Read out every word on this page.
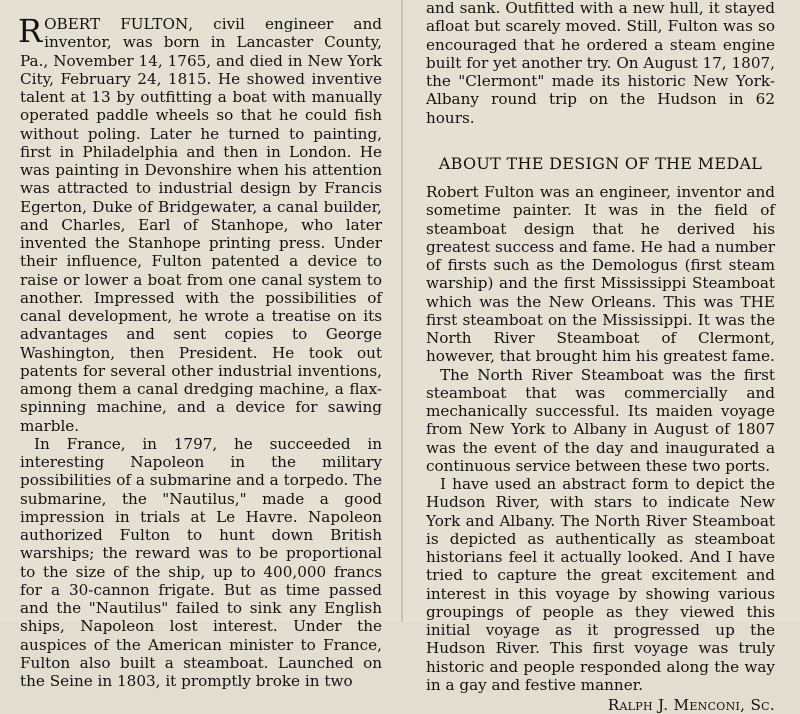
ROBERT FULTON, civil engineer and inventor, was born in Lancaster County, Pa., November 14, 1765, and died in New York City, February 24, 1815. He showed inventive talent at 13 by outfitting a boat with manually operated paddle wheels so that he could fish without poling. Later he turned to painting, first in Philadelphia and then in London. He was painting in Devonshire when his attention was attracted to industrial design by Francis Egerton, Duke of Bridgewater, a canal builder, and Charles, Earl of Stanhope, who later invented the Stanhope printing press. Under their influence, Fulton patented a device to raise or lower a boat from one canal system to another. Impressed with the possibilities of canal development, he wrote a treatise on its advantages and sent copies to George Washington, then President. He took out patents for several other industrial inventions, among them a canal dredging machine, a flax-spinning machine, and a device for sawing marble.

In France, in 1797, he succeeded in interesting Napoleon in the military possibilities of a submarine and a torpedo. The submarine, the "Nautilus," made a good impression in trials at Le Havre. Napoleon authorized Fulton to hunt down British warships; the reward was to be proportional to the size of the ship, up to 400,000 francs for a 30-cannon frigate. But as time passed and the "Nautilus" failed to sink any English ships, Napoleon lost interest. Under the auspices of the American minister to France, Fulton also built a steamboat. Launched on the Seine in 1803, it promptly broke in two

and sank. Outfitted with a new hull, it stayed afloat but scarely moved. Still, Fulton was so encouraged that he ordered a steam engine built for yet another try. On August 17, 1807, the "Clermont" made its historic New York-Albany round trip on the Hudson in 62 hours.

ABOUT THE DESIGN OF THE MEDAL

Robert Fulton was an engineer, inventor and sometime painter. It was in the field of steamboat design that he derived his greatest success and fame. He had a number of firsts such as the Demologus (first steam warship) and the first Mississippi Steamboat which was the New Orleans. This was THE first steamboat on the Mississippi. It was the North River Steamboat of Clermont, however, that brought him his greatest fame.

The North River Steamboat was the first steamboat that was commercially and mechanically successful. Its maiden voyage from New York to Albany in August of 1807 was the event of the day and inaugurated a continuous service between these two ports.

I have used an abstract form to depict the Hudson River, with stars to indicate New York and Albany. The North River Steamboat is depicted as authentically as steamboat historians feel it actually looked. And I have tried to capture the great excitement and interest in this voyage by showing various groupings of people as they viewed this initial voyage as it progressed up the Hudson River. This first voyage was truly historic and people responded along the way in a gay and festive manner.

Ralph J. Menconi, Sc.
